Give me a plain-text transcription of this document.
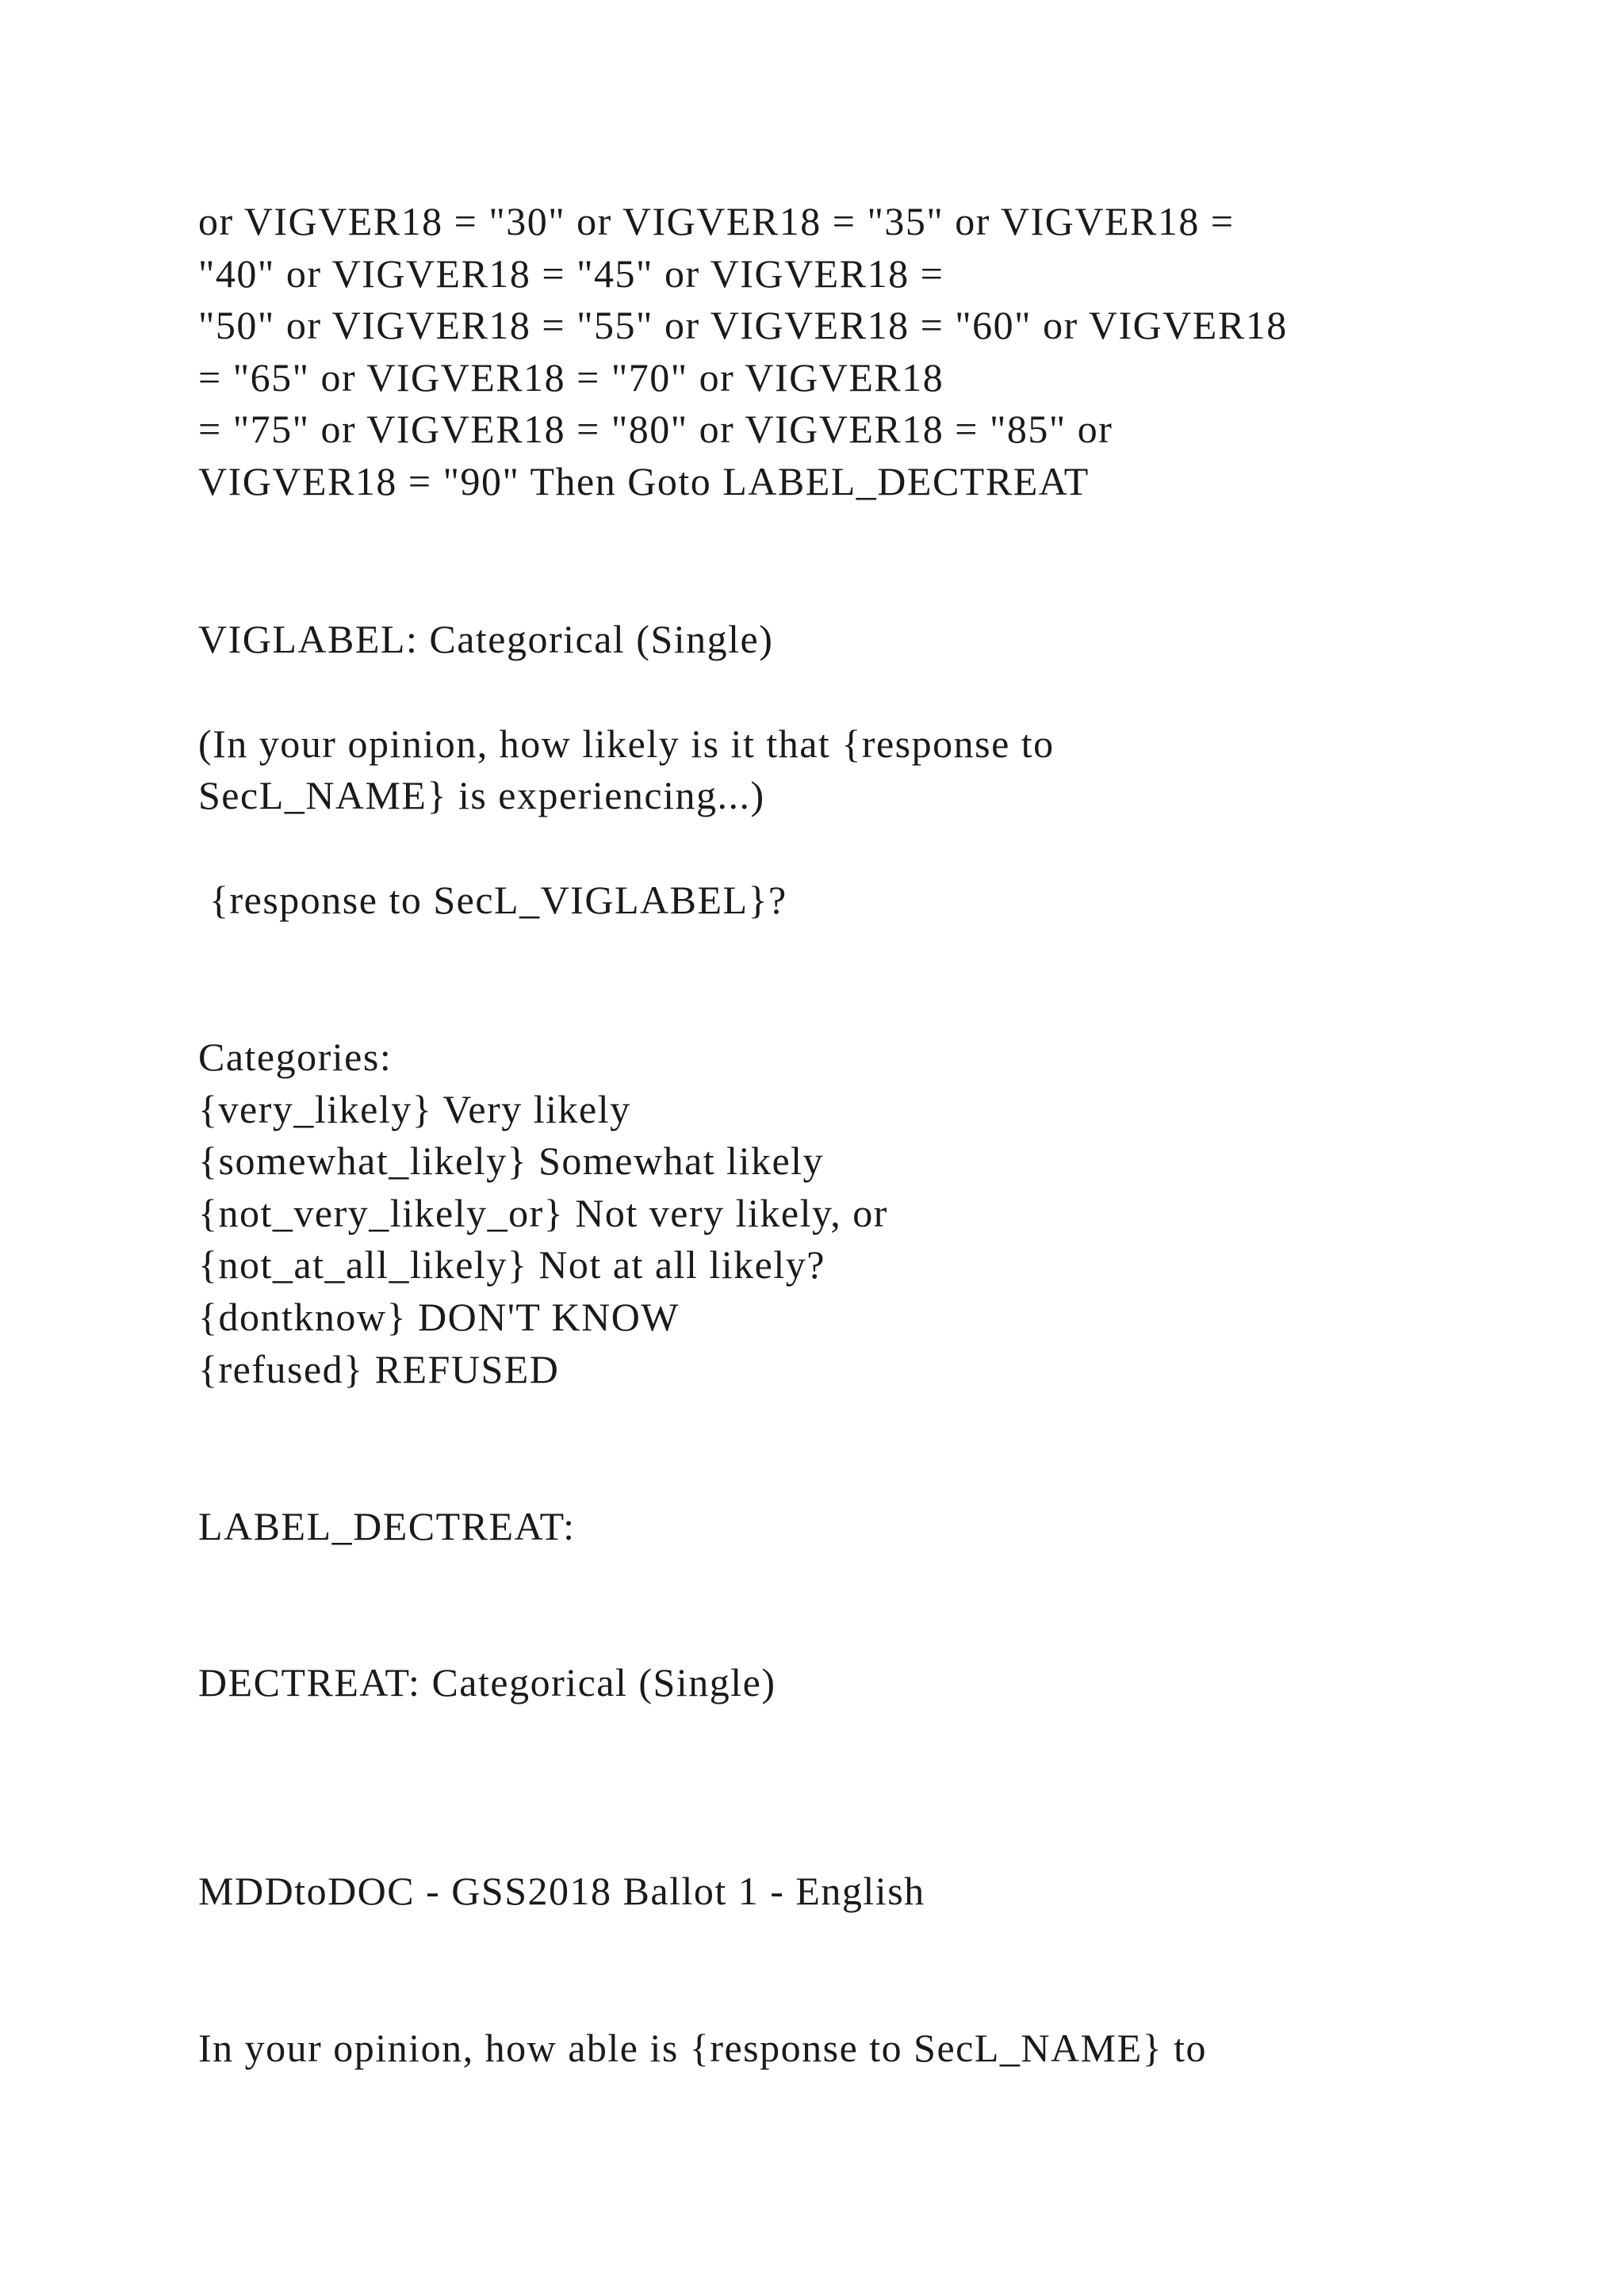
or VIGVER18 = "30" or VIGVER18 = "35" or VIGVER18 =

"40" or VIGVER18 = "45" or VIGVER18 =

"50" or VIGVER18 = "55" or VIGVER18 = "60" or VIGVER18

= "65" or VIGVER18 = "70" or VIGVER18

= "75" or VIGVER18 = "80" or VIGVER18 = "85" or

VIGVER18 = "90" Then Goto LABEL_DECTREAT

VIGLABEL: Categorical (Single)

(In your opinion, how likely is it that {response to

SecL_NAME} is experiencing...)

{response to SecL_VIGLABEL}?

Categories:

{very_likely} Very likely

{somewhat_likely} Somewhat likely

{not_very_likely_or} Not very likely, or

{not_at_all_likely} Not at all likely?

{dontknow} DON'T KNOW

{refused} REFUSED

LABEL_DECTREAT:

DECTREAT: Categorical (Single)

MDDtoDOC - GSS2018 Ballot 1 - English

In your opinion, how able is {response to SecL_NAME} to
